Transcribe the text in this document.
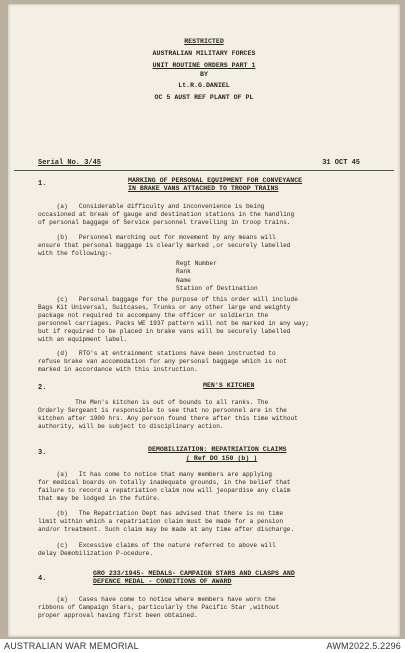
RESTRICTED
AUSTRALIAN MILITARY FORCES
UNIT ROUTINE ORDERS PART 1
BY
Lt.R.G.DANIEL
OC 5 AUST REF PLANT OF PL
Serial No. 3/45	31 OCT 45
1.	MARKING OF PERSONAL EQUIPMENT FOR CONVEYANCE
IN BRAKE VANS ATTACHED TO TROOP TRAINS
(a)   Considerable difficulty and inconvenience is being
occasioned at break of gauge and destination stations in the handling
of personal baggage of Service personnel travelling in troop trains.
(b)   Personnel marching out for movement by any means will
ensure that personal baggage is clearly marked ,or securely labelled
with the following:-
Regt Number
Rank
Name
Station of Destination
(c)   Personal baggage for the purpose of this order will include
Bags Kit Universal, Suitcases, Trunks or any other large and weighty
package not required to accompany the officer or soldierin the
personnel carriages. Packs WE 1937 pattern will not be marked in any way;
but if required to be placed in brake vans will be securely labelled
with an equipment label.
(d)   RTO's at entrainment stations have been instructed to
refuse brake van accomodation for any personal baggage which is not
marked in accordance with this instruction.
2.	MEN'S KITCHEN
The Men's kitchen is out of bounds to all ranks. The
Orderly Sergeant is responsible to see that no personnel are in the
kitchen after 1900 hrs. Any person found there after this time without
authority, will be subject to disciplinary action.
3.	DEMOBILIZATION: REPATRIATION CLAIMS
( Ref DO 150 (b) )
(a)   It has come to notice that many members are applying
for medical boards on totally inadequate grounds, in the belief that
failure to record a repatriation claim now will jeopardise any claim
that may be lodged in the futüre.
(b)   The Repatriation Dept has advised that there is no time
limit within which a repatriation claim must be made for a pension
and/or treatment. Such claim may be made at any time after discharge.
(c)   Excessive claims of the nature referred to above will
delay Demobilization P-ocedure.
4.
GRO 233/1945- MEDALS- CAMPAIGN STARS AND CLASPS AND
DEFENCE MEDAL - CONDITIONS OF AWARD
(a)   Cases have come to notice where members have worn the
ribbons of Campaign Stars, particularly the Pacific Star ,without
proper approval having first been obtained.
AUSTRALIAN WAR MEMORIAL	AWM2022.5.2296
